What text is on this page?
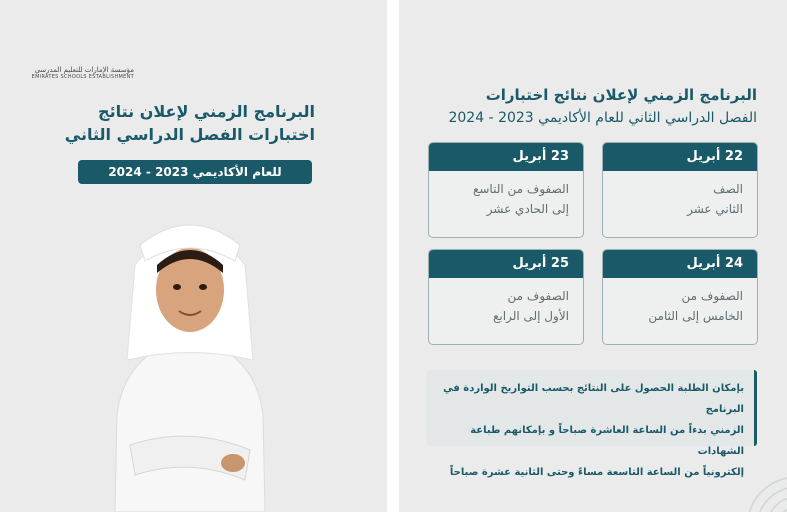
مؤسسة الإمارات للتعليم المدرسي
EMIRATES SCHOOLS ESTABLISHMENT
البرنامج الزمني لإعلان نتائج
اختبارات الفصل الدراسي الثاني
للعام الأكاديمي 2023 - 2024
البرنامج الزمني لإعلان نتائج اختبارات
الفصل الدراسي الثاني للعام الأكاديمي 2023 - 2024
22 أبريل
الصف
الثاني عشر
23 أبريل
الصفوف من التاسع
إلى الحادي عشر
24 أبريل
الصفوف من
الخامس إلى الثامن
25 أبريل
الصفوف من
الأول إلى الرابع
بإمكان الطلبة الحصول على النتائج بحسب التواريخ الواردة في البرنامج
الزمني بدءاً من الساعة العاشرة صباحاً و بإمكانهم طباعة الشهادات
إلكترونياً من الساعة التاسعة مساءً وحتى الثانية عشرة صباحاً
